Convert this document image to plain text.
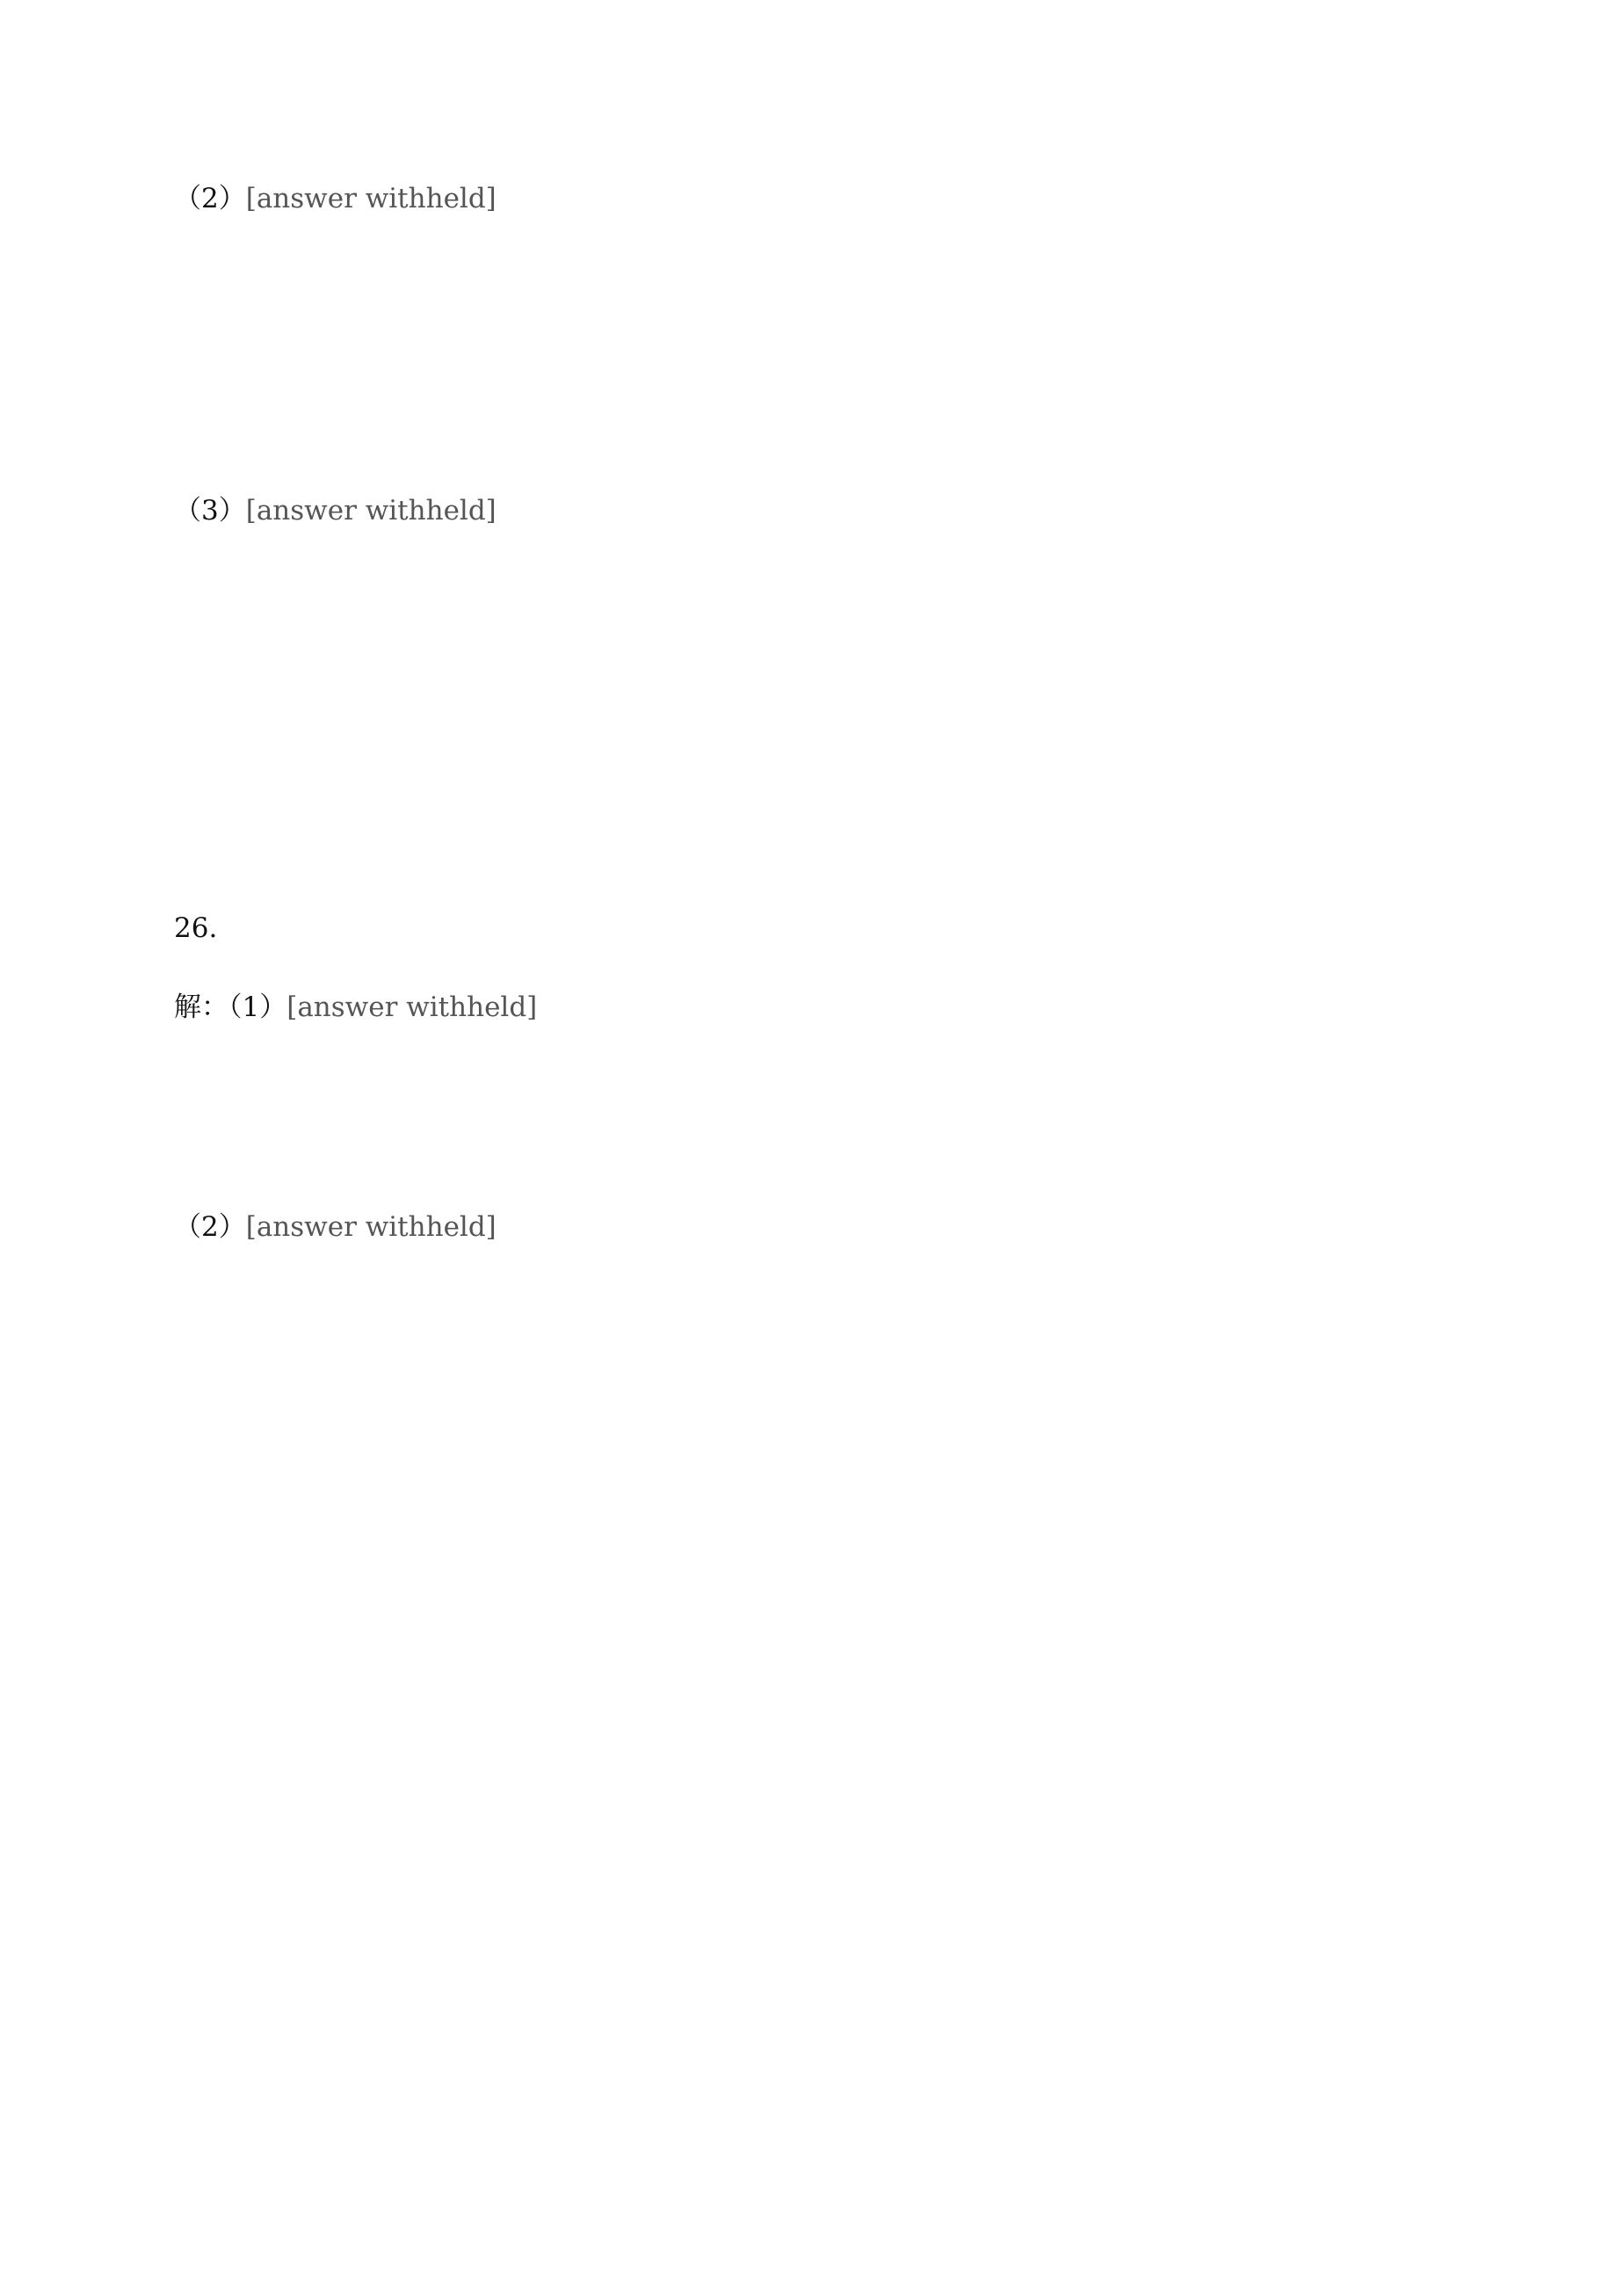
（2）[answer withheld]
（3）[answer withheld]
26.
解：（1）[answer withheld]
（2）[answer withheld]
